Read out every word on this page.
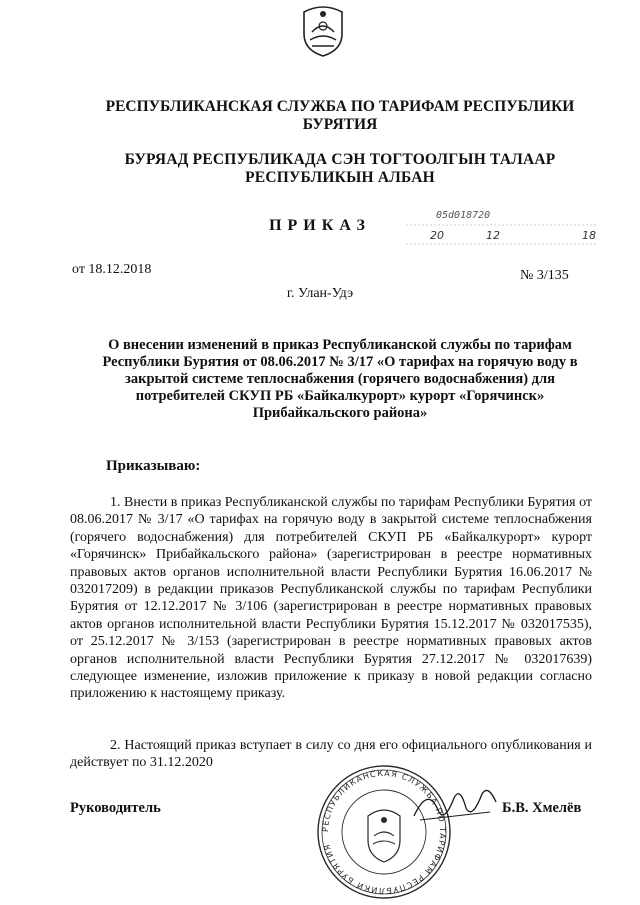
РЕСПУБЛИКАНСКАЯ СЛУЖБА ПО ТАРИФАМ РЕСПУБЛИКИ
БУРЯТИЯ
БУРЯАД РЕСПУБЛИКАДА СЭН ТОГТООЛГЫН ТАЛААР
РЕСПУБЛИКЫН АЛБАН
ПРИКАЗ
05d018720
20	12	18
от 18.12.2018	№ 3/135
г. Улан-Удэ
О внесении изменений в приказ Республиканской службы по тарифам Республики Бурятия от 08.06.2017 № 3/17 «О тарифах на горячую воду в закрытой системе теплоснабжения (горячего водоснабжения) для потребителей СКУП РБ «Байкалкурорт» курорт «Горячинск» Прибайкальского района»
Приказываю:
1. Внести в приказ Республиканской службы по тарифам Республики Бурятия от 08.06.2017 № 3/17 «О тарифах на горячую воду в закрытой системе теплоснабжения (горячего водоснабжения) для потребителей СКУП РБ «Байкалкурорт» курорт «Горячинск» Прибайкальского района» (зарегистрирован в реестре нормативных правовых актов органов исполнительной власти Республики Бурятия 16.06.2017 № 032017209) в редакции приказов Республиканской службы по тарифам Республики Бурятия от 12.12.2017 № 3/106 (зарегистрирован в реестре нормативных правовых актов органов исполнительной власти Республики Бурятия 15.12.2017 № 032017535), от 25.12.2017 № 3/153 (зарегистрирован в реестре нормативных правовых актов органов исполнительной власти Республики Бурятия 27.12.2017 № 032017639) следующее изменение, изложив приложение к приказу в новой редакции согласно приложению к настоящему приказу.
2. Настоящий приказ вступает в силу со дня его официального опубликования и действует по 31.12.2020
РЕСПУБЛИКАНСКАЯ СЛУЖБА ПО ТАРИФАМ РЕСПУБЛИКИ БУРЯТИЯ
Руководитель	Б.В. Хмелёв
